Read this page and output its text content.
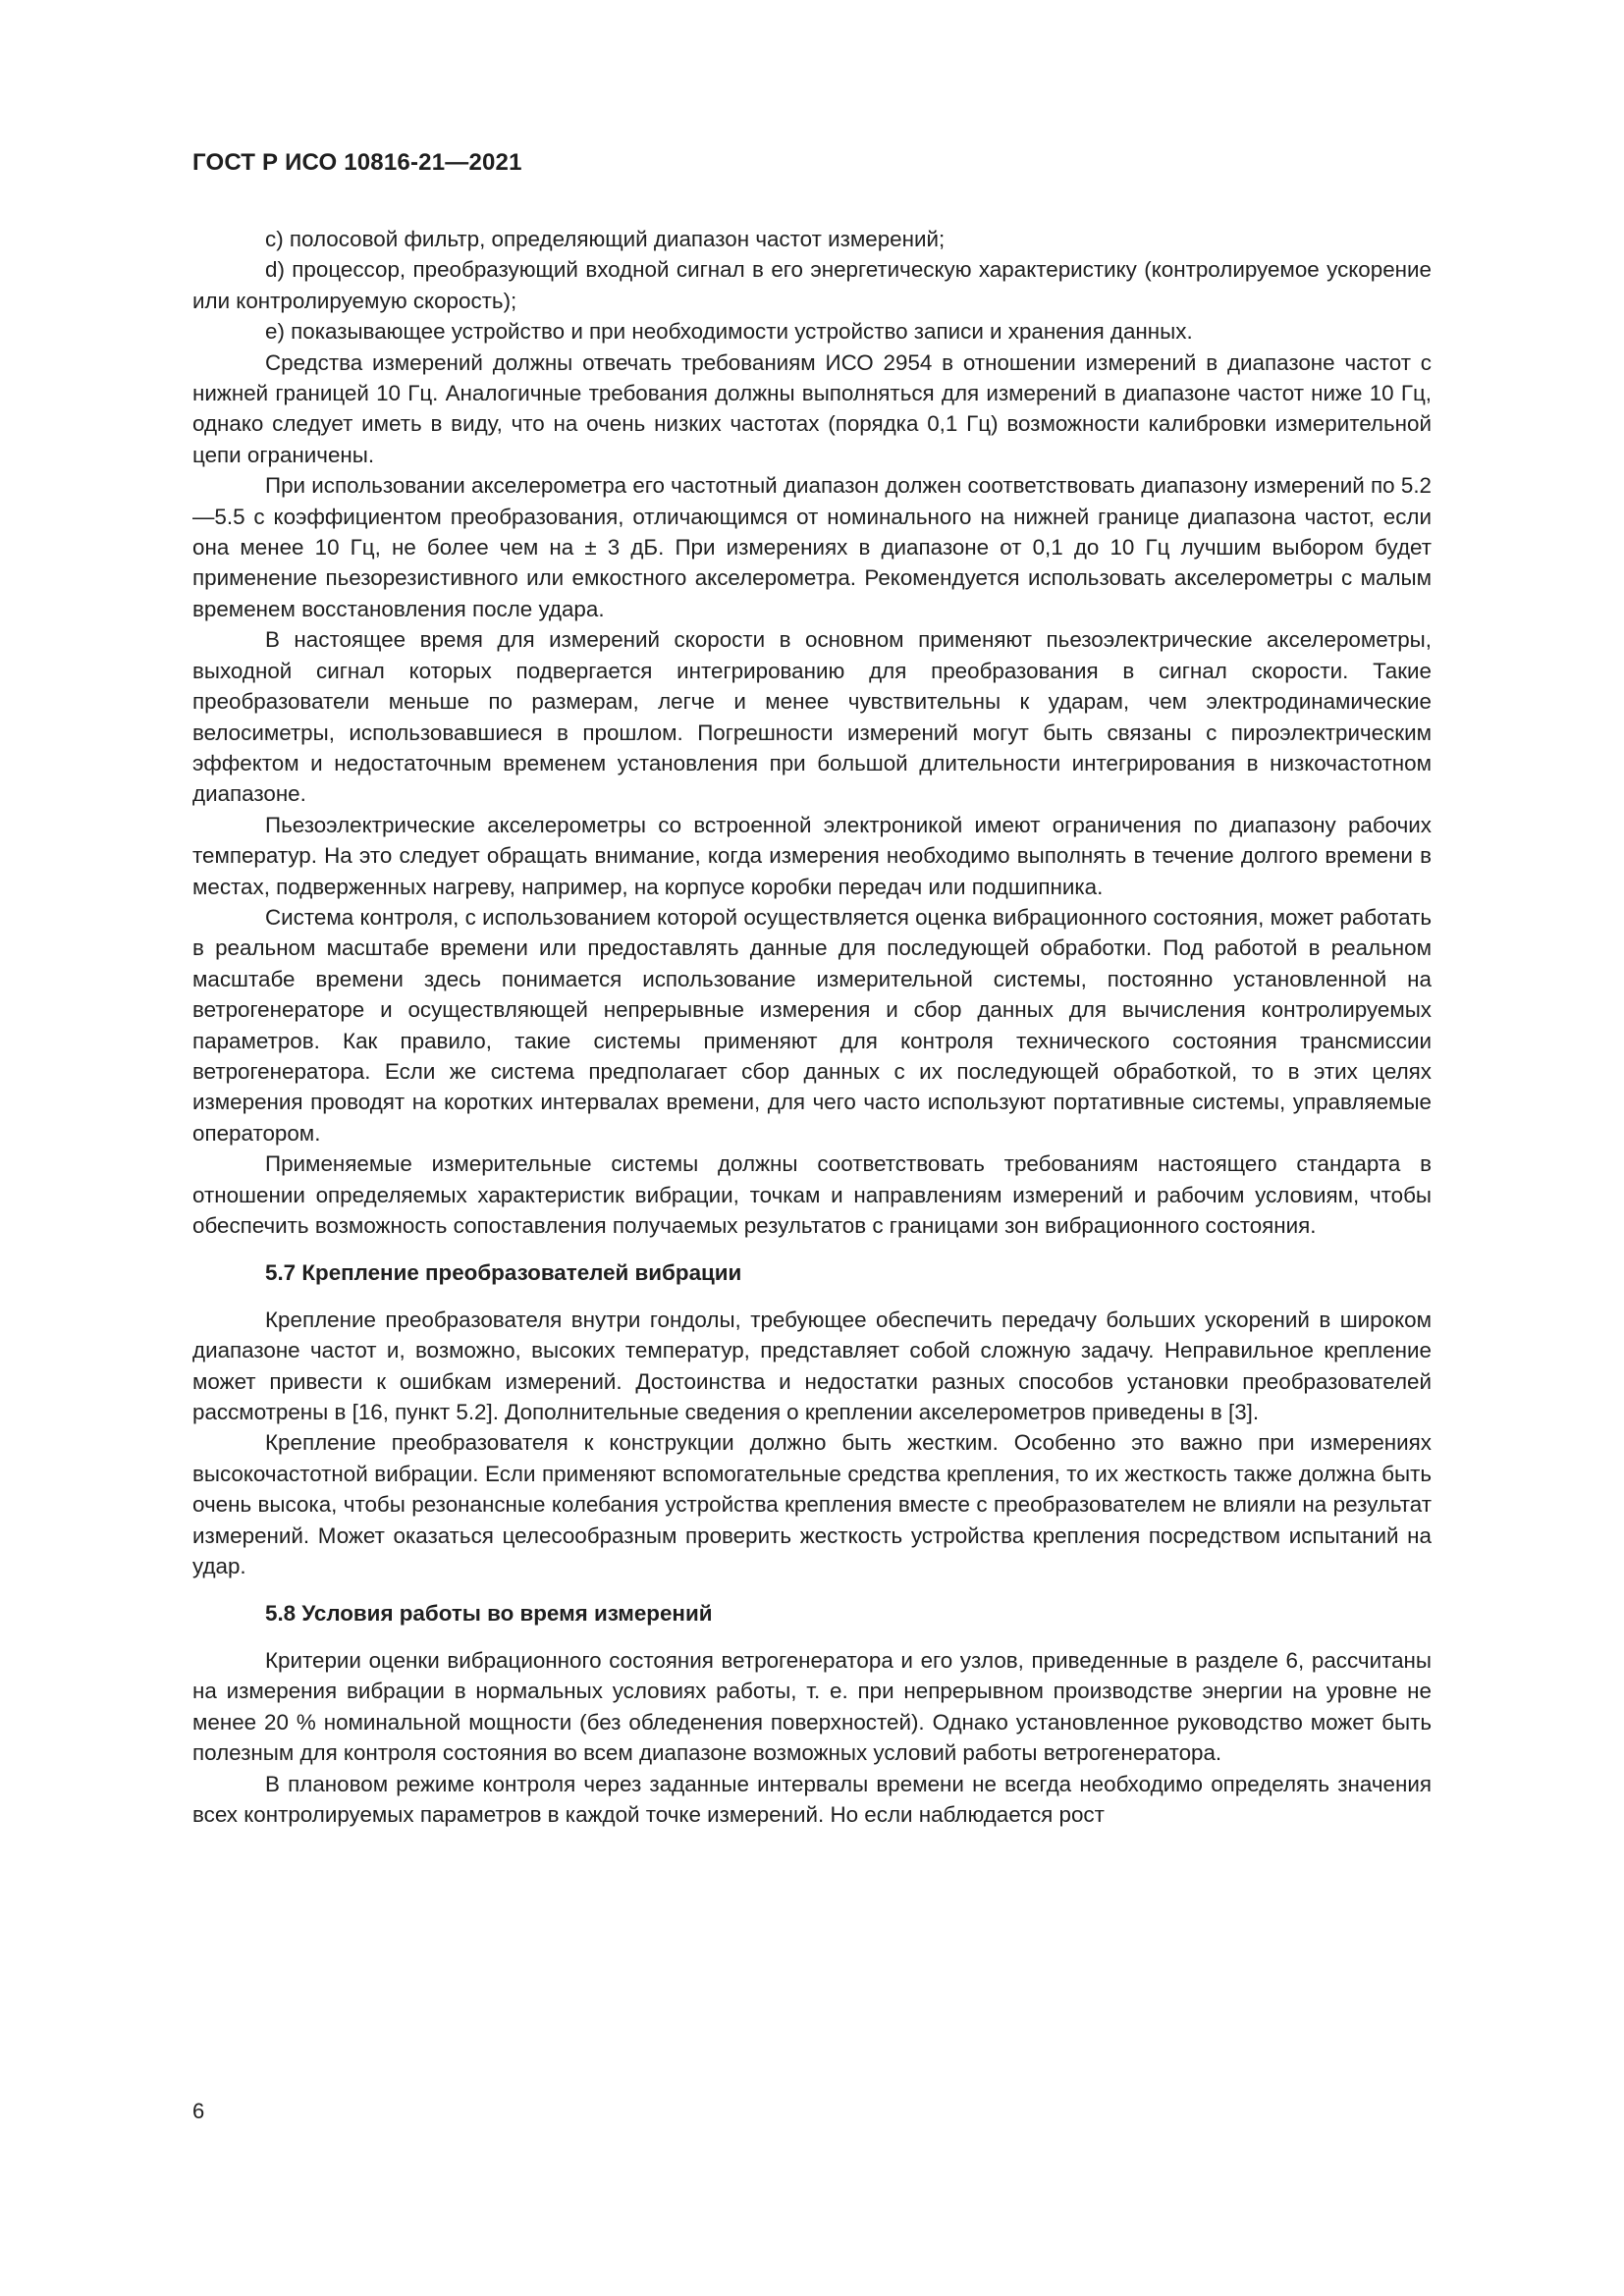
ГОСТ Р ИСО 10816-21—2021

c) полосовой фильтр, определяющий диапазон частот измерений;

d) процессор, преобразующий входной сигнал в его энергетическую характеристику (контролируемое ускорение или контролируемую скорость);

e) показывающее устройство и при необходимости устройство записи и хранения данных.

Средства измерений должны отвечать требованиям ИСО 2954 в отношении измерений в диапазоне частот с нижней границей 10 Гц. Аналогичные требования должны выполняться для измерений в диапазоне частот ниже 10 Гц, однако следует иметь в виду, что на очень низких частотах (порядка 0,1 Гц) возможности калибровки измерительной цепи ограничены.

При использовании акселерометра его частотный диапазон должен соответствовать диапазону измерений по 5.2—5.5 с коэффициентом преобразования, отличающимся от номинального на нижней границе диапазона частот, если она менее 10 Гц, не более чем на ± 3 дБ. При измерениях в диапазоне от 0,1 до 10 Гц лучшим выбором будет применение пьезорезистивного или емкостного акселерометра. Рекомендуется использовать акселерометры с малым временем восстановления после удара.

В настоящее время для измерений скорости в основном применяют пьезоэлектрические акселерометры, выходной сигнал которых подвергается интегрированию для преобразования в сигнал скорости. Такие преобразователи меньше по размерам, легче и менее чувствительны к ударам, чем электродинамические велосиметры, использовавшиеся в прошлом. Погрешности измерений могут быть связаны с пироэлектрическим эффектом и недостаточным временем установления при большой длительности интегрирования в низкочастотном диапазоне.

Пьезоэлектрические акселерометры со встроенной электроникой имеют ограничения по диапазону рабочих температур. На это следует обращать внимание, когда измерения необходимо выполнять в течение долгого времени в местах, подверженных нагреву, например, на корпусе коробки передач или подшипника.

Система контроля, с использованием которой осуществляется оценка вибрационного состояния, может работать в реальном масштабе времени или предоставлять данные для последующей обработки. Под работой в реальном масштабе времени здесь понимается использование измерительной системы, постоянно установленной на ветрогенераторе и осуществляющей непрерывные измерения и сбор данных для вычисления контролируемых параметров. Как правило, такие системы применяют для контроля технического состояния трансмиссии ветрогенератора. Если же система предполагает сбор данных с их последующей обработкой, то в этих целях измерения проводят на коротких интервалах времени, для чего часто используют портативные системы, управляемые оператором.

Применяемые измерительные системы должны соответствовать требованиям настоящего стандарта в отношении определяемых характеристик вибрации, точкам и направлениям измерений и рабочим условиям, чтобы обеспечить возможность сопоставления получаемых результатов с границами зон вибрационного состояния.

5.7 Крепление преобразователей вибрации

Крепление преобразователя внутри гондолы, требующее обеспечить передачу больших ускорений в широком диапазоне частот и, возможно, высоких температур, представляет собой сложную задачу. Неправильное крепление может привести к ошибкам измерений. Достоинства и недостатки разных способов установки преобразователей рассмотрены в [16, пункт 5.2]. Дополнительные сведения о креплении акселерометров приведены в [3].

Крепление преобразователя к конструкции должно быть жестким. Особенно это важно при измерениях высокочастотной вибрации. Если применяют вспомогательные средства крепления, то их жесткость также должна быть очень высока, чтобы резонансные колебания устройства крепления вместе с преобразователем не влияли на результат измерений. Может оказаться целесообразным проверить жесткость устройства крепления посредством испытаний на удар.

5.8 Условия работы во время измерений

Критерии оценки вибрационного состояния ветрогенератора и его узлов, приведенные в разделе 6, рассчитаны на измерения вибрации в нормальных условиях работы, т. е. при непрерывном производстве энергии на уровне не менее 20 % номинальной мощности (без обледенения поверхностей). Однако установленное руководство может быть полезным для контроля состояния во всем диапазоне возможных условий работы ветрогенератора.

В плановом режиме контроля через заданные интервалы времени не всегда необходимо определять значения всех контролируемых параметров в каждой точке измерений. Но если наблюдается рост

6
